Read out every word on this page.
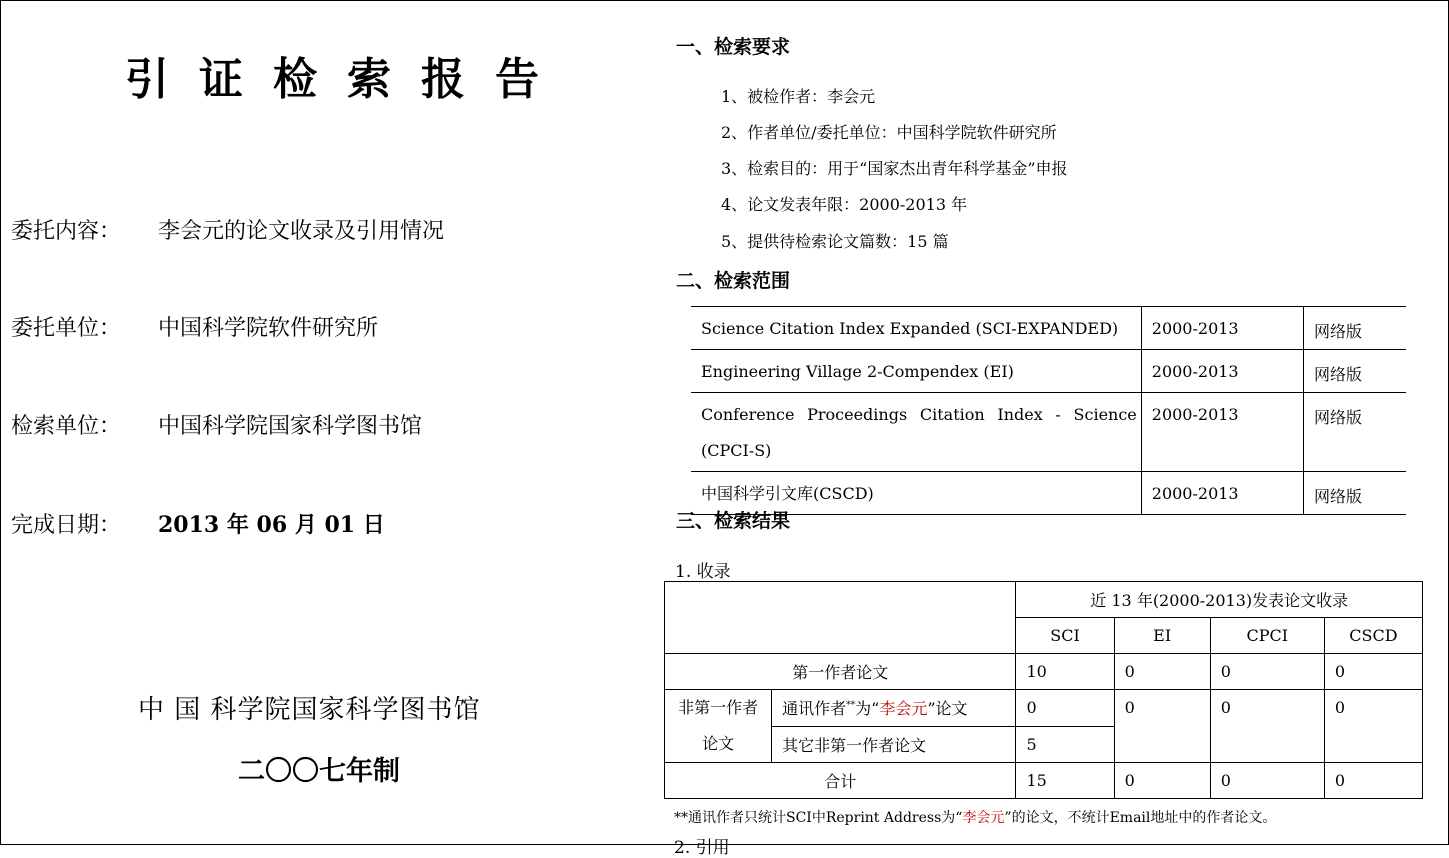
引证检索报告
委托内容： 李会元的论文收录及引用情况
委托单位： 中国科学院软件研究所
检索单位： 中国科学院国家科学图书馆
完成日期： 2013 年 06 月 01 日
中 国 科学院国家科学图书馆
二〇〇七年制
一、检索要求
1、被检作者：李会元
2、作者单位/委托单位：中国科学院软件研究所
3、检索目的：用于“国家杰出青年科学基金”申报
4、论文发表年限：2000-2013 年
5、提供待检索论文篇数：15 篇
二、检索范围
Science Citation Index Expanded (SCI-EXPANDED)	2000-2013	网络版
Engineering Village 2-Compendex (EI)	2000-2013	网络版
Conference Proceedings Citation Index - Science (CPCI-S)	2000-2013	网络版
中国科学引文库(CSCD)	2000-2013	网络版
三、检索结果
1. 收录
		近 13 年(2000-2013)发表论文收录			
		SCI	EI	CPCI	CSCD
第一作者论文		10	0	0	0
非第一作者论文	通讯作者**为“李会元”论文	0	0	0	0
	其它非第一作者论文	5			
合计		15	0	0	0
**通讯作者只统计SCI中Reprint Address为“李会元”的论文，不统计Email地址中的作者论文。
2. 引用
